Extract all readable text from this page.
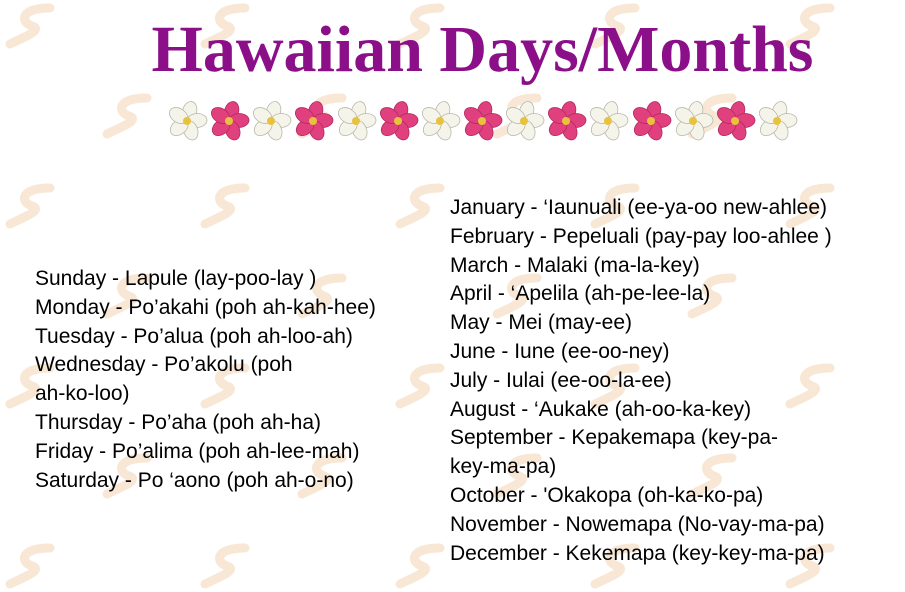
Hawaiian Days/Months
Sunday - Lapule (lay-poo-lay )
Monday - Po’akahi (poh ah-kah-hee)
Tuesday - Po’alua (poh ah-loo-ah)
Wednesday - Po’akolu (poh
ah-ko-loo)
Thursday - Po’aha (poh ah-ha)
Friday - Po’alima (poh ah-lee-mah)
Saturday - Po ‘aono (poh ah-o-no)
January - ‘Iaunuali (ee-ya-oo new-ahlee)
February - Pepeluali (pay-pay loo-ahlee )
March - Malaki (ma-la-key)
April - ‘Apelila (ah-pe-lee-la)
May - Mei (may-ee)
June - Iune (ee-oo-ney)
July - Iulai (ee-oo-la-ee)
August - ‘Aukake (ah-oo-ka-key)
September - Kepakemapa (key-pa-
key-ma-pa)
October - 'Okakopa (oh-ka-ko-pa)
November - Nowemapa (No-vay-ma-pa)
December - Kekemapa (key-key-ma-pa)
